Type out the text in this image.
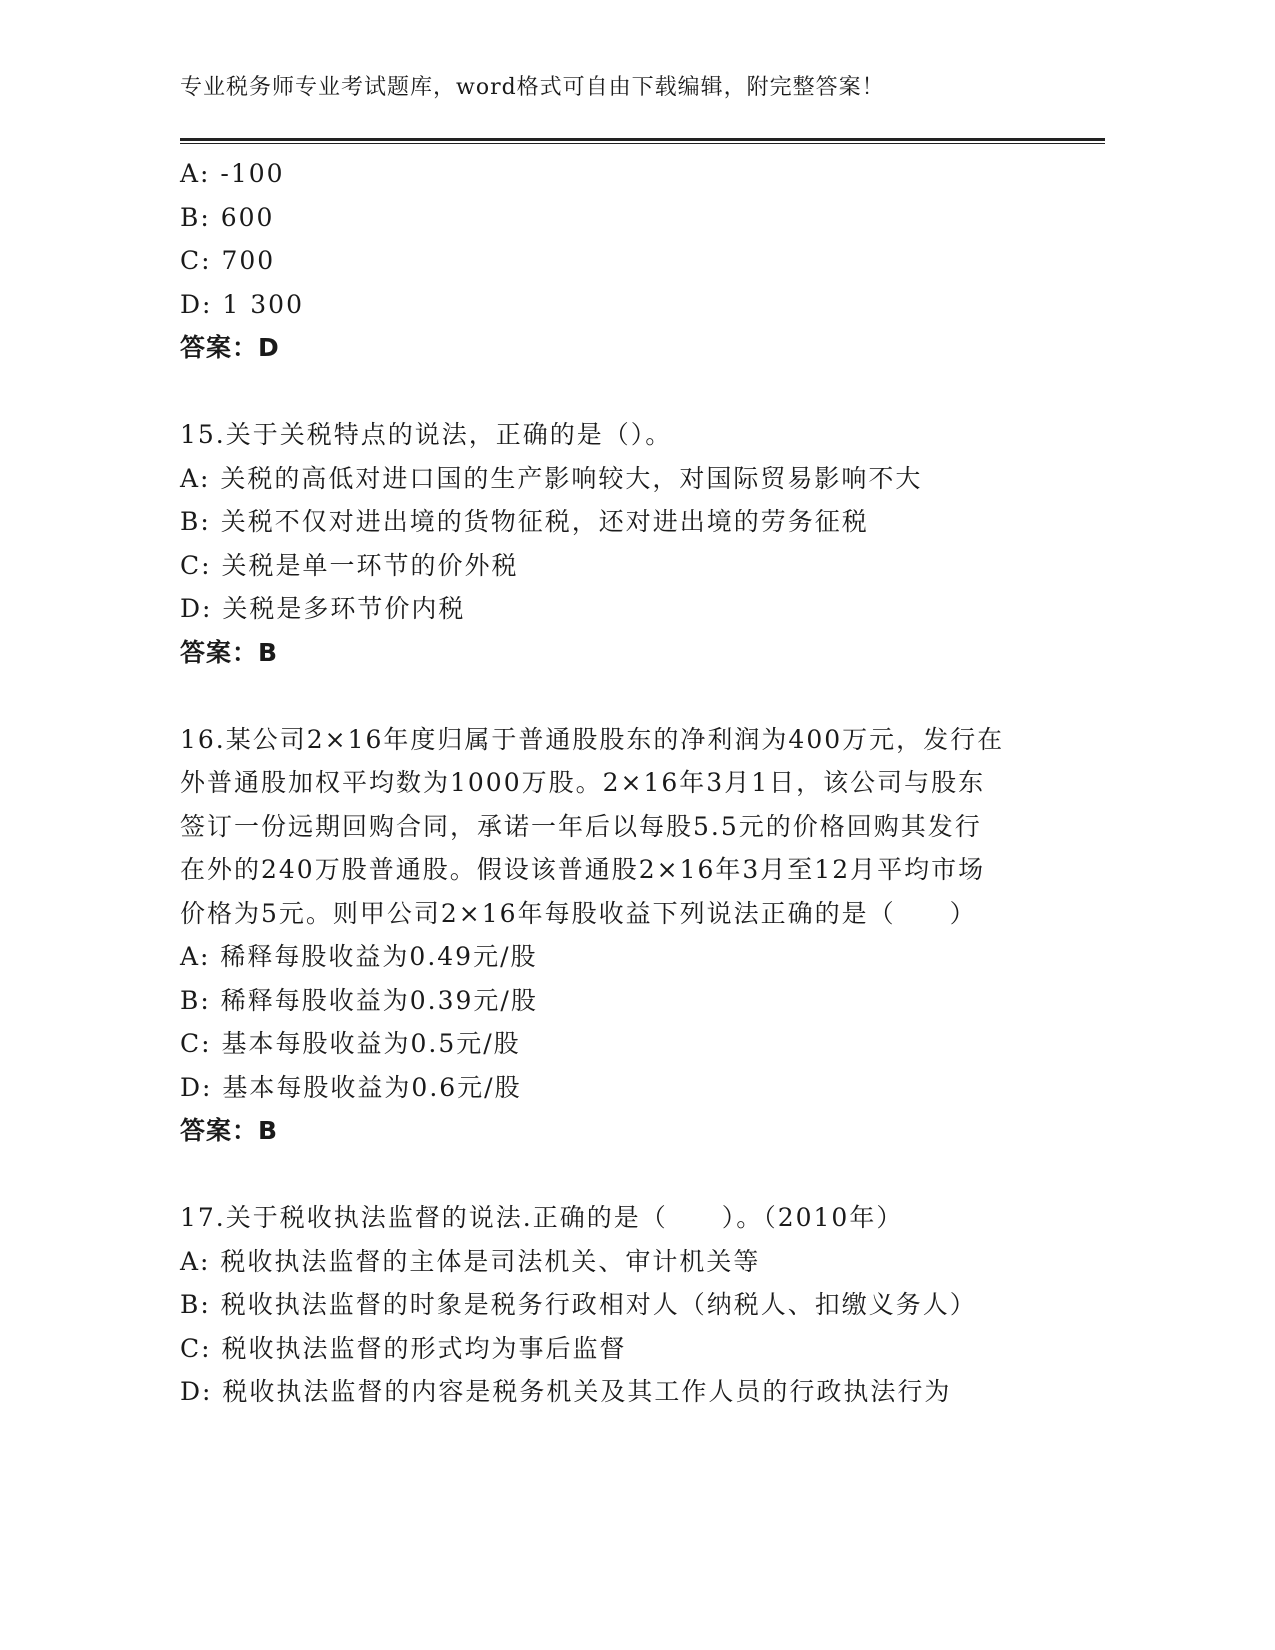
专业税务师专业考试题库，word格式可自由下载编辑，附完整答案！
A: -100
B: 600
C: 700
D: 1 300
答案：D
15.关于关税特点的说法，正确的是（）。
A: 关税的高低对进口国的生产影响较大，对国际贸易影响不大
B: 关税不仅对进出境的货物征税，还对进出境的劳务征税
C: 关税是单一环节的价外税
D: 关税是多环节价内税
答案：B
16.某公司2×16年度归属于普通股股东的净利润为400万元，发行在
外普通股加权平均数为1000万股。2×16年3月1日，该公司与股东
签订一份远期回购合同，承诺一年后以每股5.5元的价格回购其发行
在外的240万股普通股。假设该普通股2×16年3月至12月平均市场
价格为5元。则甲公司2×16年每股收益下列说法正确的是（　　）
A: 稀释每股收益为0.49元/股
B: 稀释每股收益为0.39元/股
C: 基本每股收益为0.5元/股
D: 基本每股收益为0.6元/股
答案：B
17.关于税收执法监督的说法.正确的是（　　）。（2010年）
A: 税收执法监督的主体是司法机关、审计机关等
B: 税收执法监督的时象是税务行政相对人（纳税人、扣缴义务人）
C: 税收执法监督的形式均为事后监督
D: 税收执法监督的内容是税务机关及其工作人员的行政执法行为
